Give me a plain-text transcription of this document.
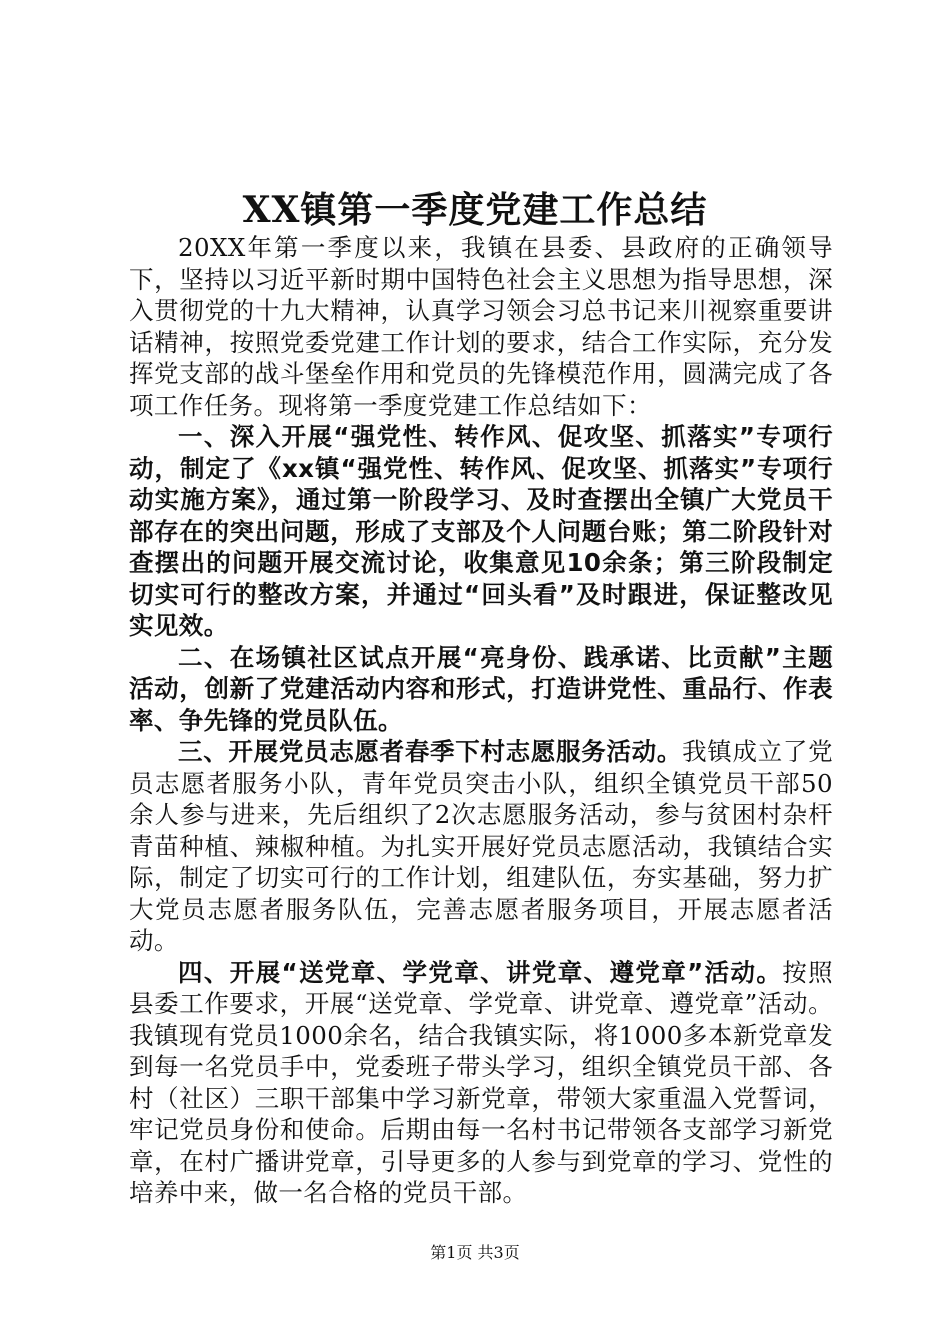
XX镇第一季度党建工作总结

20XX年第一季度以来，我镇在县委、县政府的正确领导下，坚持以习近平新时期中国特色社会主义思想为指导思想，深入贯彻党的十九大精神，认真学习领会习总书记来川视察重要讲话精神，按照党委党建工作计划的要求，结合工作实际，充分发挥党支部的战斗堡垒作用和党员的先锋模范作用，圆满完成了各项工作任务。现将第一季度党建工作总结如下：

一、深入开展“强党性、转作风、促攻坚、抓落实”专项行动，制定了《xx镇“强党性、转作风、促攻坚、抓落实”专项行动实施方案》，通过第一阶段学习、及时查摆出全镇广大党员干部存在的突出问题，形成了支部及个人问题台账；第二阶段针对查摆出的问题开展交流讨论，收集意见10余条；第三阶段制定切实可行的整改方案，并通过“回头看”及时跟进，保证整改见实见效。

二、在场镇社区试点开展“亮身份、践承诺、比贡献”主题活动，创新了党建活动内容和形式，打造讲党性、重品行、作表率、争先锋的党员队伍。

三、开展党员志愿者春季下村志愿服务活动。我镇成立了党员志愿者服务小队，青年党员突击小队，组织全镇党员干部50余人参与进来，先后组织了2次志愿服务活动，参与贫困村杂杆青苗种植、辣椒种植。为扎实开展好党员志愿活动，我镇结合实际，制定了切实可行的工作计划，组建队伍，夯实基础，努力扩大党员志愿者服务队伍，完善志愿者服务项目，开展志愿者活动。

四、开展“送党章、学党章、讲党章、遵党章”活动。按照县委工作要求，开展“送党章、学党章、讲党章、遵党章”活动。我镇现有党员1000余名，结合我镇实际，将1000多本新党章发到每一名党员手中，党委班子带头学习，组织全镇党员干部、各村（社区）三职干部集中学习新党章，带领大家重温入党誓词，牢记党员身份和使命。后期由每一名村书记带领各支部学习新党章，在村广播讲党章，引导更多的人参与到党章的学习、党性的培养中来，做一名合格的党员干部。

第1页 共3页
